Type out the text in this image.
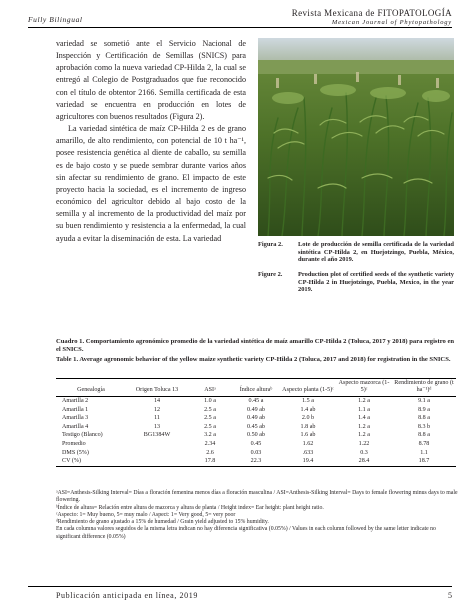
Fully Bilingual
Revista Mexicana de FITOPATOLOGÍA
Mexican Journal of Phytopathology

variedad se sometió ante el Servicio Nacional de Inspección y Certificación de Semillas (SNICS) para aprobación como la nueva variedad CP-Hilda 2, la cual se entregó al Colegio de Postgraduados que fue reconocido con el título de obtentor 2166. Semilla certificada de esta variedad se encuentra en producción en lotes de agricultores con buenos resultados (Figura 2).

La variedad sintética de maíz CP-Hilda 2 es de grano amarillo, de alto rendimiento, con potencial de 10 t ha⁻¹, posee resistencia genética al diente de caballo, su semilla es de bajo costo y se puede sembrar durante varios años sin afectar su rendimiento de grano. El impacto de este proyecto hacia la sociedad, es el incremento de ingreso económico del agricultor debido al bajo costo de la semilla y al incremento de la productividad del maíz por su buen rendimiento y resistencia a la enfermedad, la cual ayuda a evitar la diseminación de esta. La variedad

Figura 2.	Lote de producción de semilla certificada de la variedad sintética CP-Hilda 2, en Huejotzingo, Puebla, México, durante el año 2019.
Figure 2.	Production plot of certified seeds of the synthetic variety CP-Hilda 2 in Huejotzingo, Puebla, Mexico, in the year 2019.
Cuadro 1. Comportamiento agronómico promedio de la variedad sintética de maíz amarillo CP-Hilda 2 (Toluca, 2017 y 2018) para registro en el SNICS.
Table 1. Average agronomic behavior of the yellow maize synthetic variety CP-Hilda 2 (Toluca, 2017 and 2018) for registration in the SNICS.
Genealogía	Origen Toluca 13	ASIᵃ	Índice alturaᵇ	Aspecto planta (1-5)ᶜ	Aspecto mazorca (1-5)ᶜ	Rendimiento de grano (t ha⁻¹)ᵈ
Amarilla 2	14	1.0 a	0.45 a	1.5 a	1.2 a	9.1 a
Amarilla 1	12	2.5 a	0.49 ab	1.4 ab	1.1 a	8.9 a
Amarilla 3	11	2.5 a	0.49 ab	2.0 b	1.4 a	8.8 a
Amarilla 4	13	2.5 a	0.45 ab	1.8 ab	1.2 a	8.3 b
Testigo (Blanco)	BG1384W	3.2 a	0.50 ab	1.6 ab	1.2 a	8.8 a
Promedio		2.34	0.45	1.62	1.22	8.78
DMS (5%)		2.6	0.03	.633	0.3	1.1
CV (%)		17.8	22.3	19.4	28.4	18.7

ᵃASI=Anthesis-Silking Interval= Días a floración femenina menos días a floración masculina / ASI=Anthesis-Silking Interval= Days to female flowering minus days to male flowering.

ᵇÍndice de altura= Relación entre altura de mazorca y altura de planta / Height index= Ear height: plant height ratio.

ᶜAspecto: 1= Muy bueno, 5= muy malo / Aspect: 1= Very good, 5= very poor

ᵈRendimiento de grano ajustado a 15% de humedad / Grain yield adjusted to 15% humidity.

En cada columna valores seguidos de la misma letra indican no hay diferencia significativa (0.05%) / Values in each column followed by the same letter indicate no significant difference (0.05%)

Publicación anticipada en línea, 2019	5
